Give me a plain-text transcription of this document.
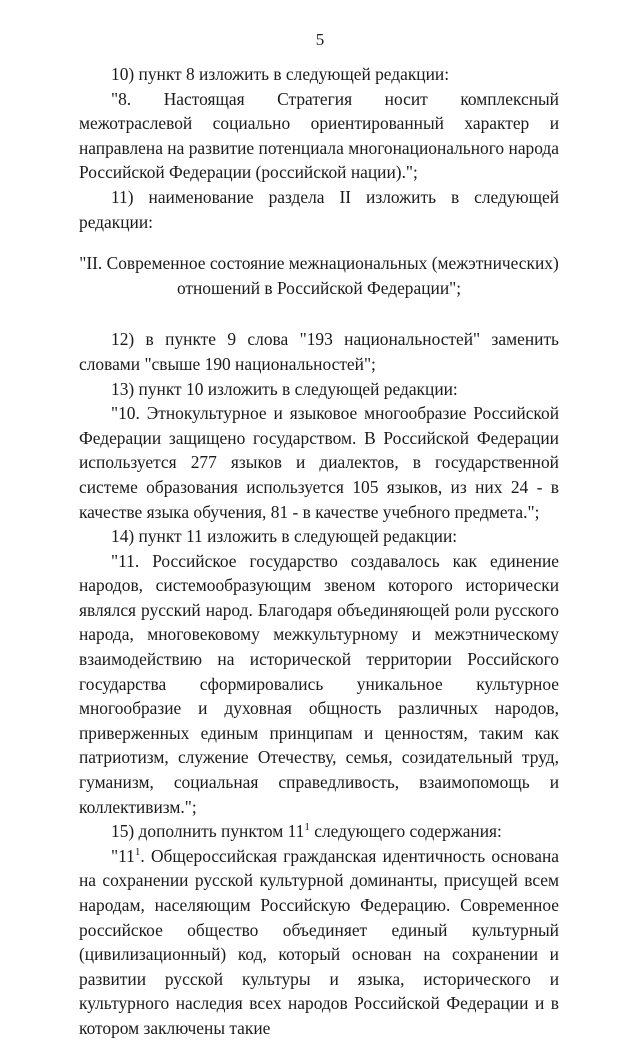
5

10) пункт 8 изложить в следующей редакции:

"8. Настоящая Стратегия носит комплексный межотраслевой социально ориентированный характер и направлена на развитие потенциала многонационального народа Российской Федерации (российской нации).";

11) наименование раздела II изложить в следующей редакции:

"II. Современное состояние межнациональных (межэтнических)
отношений в Российской Федерации";

12) в пункте 9 слова "193 национальностей" заменить словами "свыше 190 национальностей";

13) пункт 10 изложить в следующей редакции:

"10. Этнокультурное и языковое многообразие Российской Федерации защищено государством. В Российской Федерации используется 277 языков и диалектов, в государственной системе образования используется 105 языков, из них 24 - в качестве языка обучения, 81 - в качестве учебного предмета.";

14) пункт 11 изложить в следующей редакции:

"11. Российское государство создавалось как единение народов, системообразующим звеном которого исторически являлся русский народ. Благодаря объединяющей роли русского народа, многовековому межкультурному и межэтническому взаимодействию на исторической территории Российского государства сформировались уникальное культурное многообразие и духовная общность различных народов, приверженных единым принципам и ценностям, таким как патриотизм, служение Отечеству, семья, созидательный труд, гуманизм, социальная справедливость, взаимопомощь и коллективизм.";

15) дополнить пунктом $11^1$ следующего содержания:

"$11^1$. Общероссийская гражданская идентичность основана на сохранении русской культурной доминанты, присущей всем народам, населяющим Российскую Федерацию. Современное российское общество объединяет единый культурный (цивилизационный) код, который основан на сохранении и развитии русской культуры и языка, исторического и культурного наследия всех народов Российской Федерации и в котором заключены такие
